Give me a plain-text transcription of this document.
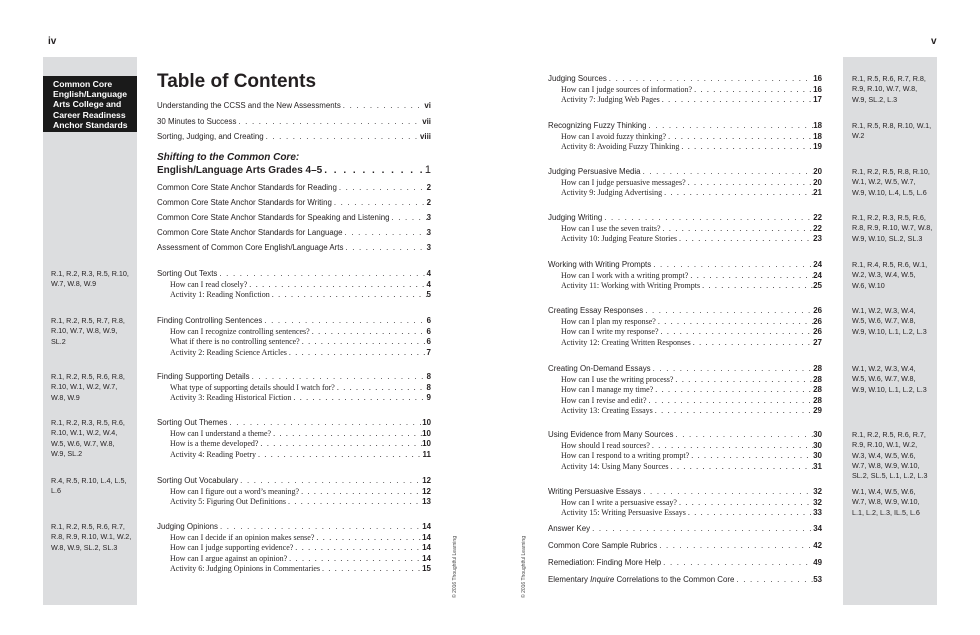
iv	v
Common Core
English/Language
Arts College and
Career Readiness
Anchor Standards
Table of Contents
Shifting to the Common Core:
English/Language Arts Grades 4–5 . . .	1
© 2016 Thoughtful Learning	© 2016 Thoughtful Learning
Understanding the CCSS and the New Assessments . . .	vi
30 Minutes to Success . . .	vii
Sorting, Judging, and Creating . . .	viii
Common Core State Anchor Standards for Reading . . .	2
Common Core State Anchor Standards for Writing . . .	2
Common Core State Anchor Standards for Speaking and Listening . . .	3
Common Core State Anchor Standards for Language . . .	3
Assessment of Common Core English/Language Arts . . .	3
Sorting Out Texts . . .	4
How can I read closely? . . .	4
Activity 1: Reading Nonfiction . . .	5
R.1, R.2, R.3, R.5, R.10,
W.7, W.8, W.9
Finding Controlling Sentences . . .	6
How can I recognize controlling sentences? . . .	6
What if there is no controlling sentence? . . .	6
Activity 2: Reading Science Articles . . .	7
R.1, R.2, R.5, R.7, R.8,
R.10, W.7, W.8, W.9,
SL.2
Finding Supporting Details . . .	8
What type of supporting details should I watch for? . . .	8
Activity 3: Reading Historical Fiction . . .	9
R.1, R.2, R.5, R.6, R.8,
R.10, W.1, W.2, W.7,
W.8, W.9
Sorting Out Themes . . .	10
How can I understand a theme? . . .	10
How is a theme developed? . . .	10
Activity 4: Reading Poetry . . .	11
R.1, R.2, R.3, R.5, R.6,
R.10, W.1, W.2, W.4,
W.5, W.6, W.7, W.8,
W.9, SL.2
Sorting Out Vocabulary . . .	12
How can I figure out a word’s meaning? . . .	12
Activity 5: Figuring Out Definitions . . .	13
R.4, R.5, R.10, L.4, L.5,
L.6
Judging Opinions . . .	14
How can I decide if an opinion makes sense? . . .	14
How can I judge supporting evidence? . . .	14
How can I argue against an opinion? . . .	14
Activity 6: Judging Opinions in Commentaries . . .	15
R.1, R.2, R.5, R.6, R.7,
R.8, R.9, R.10, W.1, W.2,
W.8, W.9, SL.2, SL.3
Judging Sources . . .	16
How can I judge sources of information? . . .	16
Activity 7: Judging Web Pages . . .	17
R.1, R.5, R.6, R.7, R.8,
R.9, R.10, W.7, W.8,
W.9, SL.2, L.3
Recognizing Fuzzy Thinking . . .	18
How can I avoid fuzzy thinking? . . .	18
Activity 8: Avoiding Fuzzy Thinking . . .	19
R.1, R.5, R.8, R.10, W.1,
W.2
Judging Persuasive Media . . .	20
How can I judge persuasive messages? . . .	20
Activity 9: Judging Advertising . . .	21
R.1, R.2, R.5, R.8, R.10,
W.1, W.2, W.5, W.7,
W.9, W.10, L.4, L.5, L.6
Judging Writing . . .	22
How can I use the seven traits? . . .	22
Activity 10: Judging Feature Stories . . .	23
R.1, R.2, R.3, R.5, R.6,
R.8, R.9, R.10, W.7, W.8,
W.9, W.10, SL.2, SL.3
Working with Writing Prompts . . .	24
How can I work with a writing prompt? . . .	24
Activity 11: Working with Writing Prompts . . .	25
R.1, R.4, R.5, R.6, W.1,
W.2, W.3, W.4, W.5,
W.6, W.10
Creating Essay Responses . . .	26
How can I plan my response? . . .	26
How can I write my response? . . .	26
Activity 12: Creating Written Responses . . .	27
W.1, W.2, W.3, W.4,
W.5, W.6, W.7, W.8,
W.9, W.10, L.1, L.2, L.3
Creating On-Demand Essays . . .	28
How can I use the writing process? . . .	28
How can I manage my time? . . .	28
How can I revise and edit? . . .	28
Activity 13: Creating Essays . . .	29
W.1, W.2, W.3, W.4,
W.5, W.6, W.7, W.8,
W.9, W.10, L.1, L.2, L.3
Using Evidence from Many Sources . . .	30
How should I read sources? . . .	30
How can I respond to a writing prompt? . . .	30
Activity 14: Using Many Sources . . .	31
R.1, R.2, R.5, R.6, R.7,
R.9, R.10, W.1, W.2,
W.3, W.4, W.5, W.6,
W.7, W.8, W.9, W.10,
SL.2, SL.5, L.1, L.2, L.3
Writing Persuasive Essays . . .	32
How can I write a persuasive essay? . . .	32
Activity 15: Writing Persuasive Essays . . .	33
W.1, W.4, W.5, W.6,
W.7, W.8, W.9, W.10,
L.1, L.2, L.3, IL.5, L.6
Answer Key . . .	34
Common Core Sample Rubrics . . .	42
Remediation: Finding More Help . . .	49
Elementary Inquire Correlations to the Common Core . . .	53
